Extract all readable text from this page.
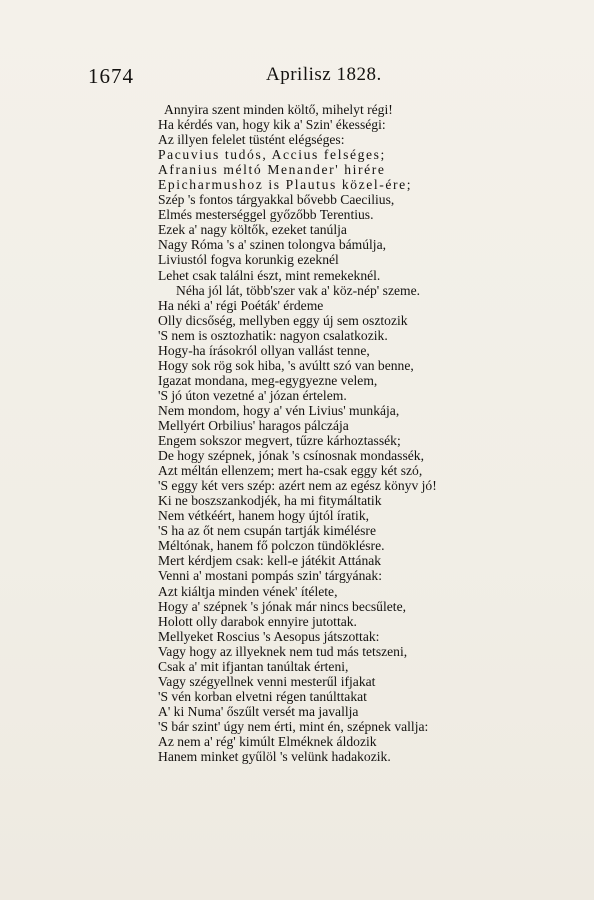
1674	Aprilisz 1828.
Annyira szent minden költő, mihelyt régi!
Ha kérdés van, hogy kik a' Szin' ékességi:
Az illyen felelet tüstént elégséges:
Pacuvius tudós, Accius felséges;
Afranius méltó Menander' hirére
Epicharmushoz is Plautus közel-ére;
Szép 's fontos tárgyakkal bővebb Caecilius,
Elmés mesterséggel győzőbb Terentius.
Ezek a' nagy költők, ezeket tanúlja
Nagy Róma 's a' szinen tolongva bámúlja,
Liviustól fogva korunkig ezeknél
Lehet csak találni észt, mint remekeknél.
Néha jól lát, több'szer vak a' köz-nép' szeme.
Ha néki a' régi Poéták' érdeme
Olly dicsőség, mellyben eggy új sem osztozik
'S nem is osztozhatik: nagyon csalatkozik.
Hogy-ha írásokról ollyan vallást tenne,
Hogy sok rög sok hiba, 's avúltt szó van benne,
Igazat mondana, meg-egygyezne velem,
'S jó úton vezetné a' józan értelem.
Nem mondom, hogy a' vén Livius' munkája,
Mellyért Orbilius' haragos pálczája
Engem sokszor megvert, tűzre kárhoztassék;
De hogy szépnek, jónak 's csínosnak mondassék,
Azt méltán ellenzem; mert ha-csak eggy két szó,
'S eggy két vers szép: azért nem az egész könyv jó!
Ki ne boszszankodjék, ha mi fitymáltatik
Nem vétkéért, hanem hogy újtól íratik,
'S ha az őt nem csupán tartják kimélésre
Méltónak, hanem fő polczon tündöklésre.
Mert kérdjem csak: kell-e játékit Attának
Venni a' mostani pompás szin' tárgyának:
Azt kiáltja minden vének' ítélete,
Hogy a' szépnek 's jónak már nincs becsűlete,
Holott olly darabok ennyire jutottak.
Mellyeket Roscius 's Aesopus játszottak:
Vagy hogy az illyeknek nem tud más tetszeni,
Csak a' mit ifjantan tanúltak érteni,
Vagy szégyellnek venni mesterűl ifjakat
'S vén korban elvetni régen tanúlttakat
A' ki Numa' őszűlt versét ma javallja
'S bár szint' úgy nem érti, mint én, szépnek vallja:
Az nem a' rég' kimúlt Elméknek áldozik
Hanem minket gyűlöl 's velünk hadakozik.
